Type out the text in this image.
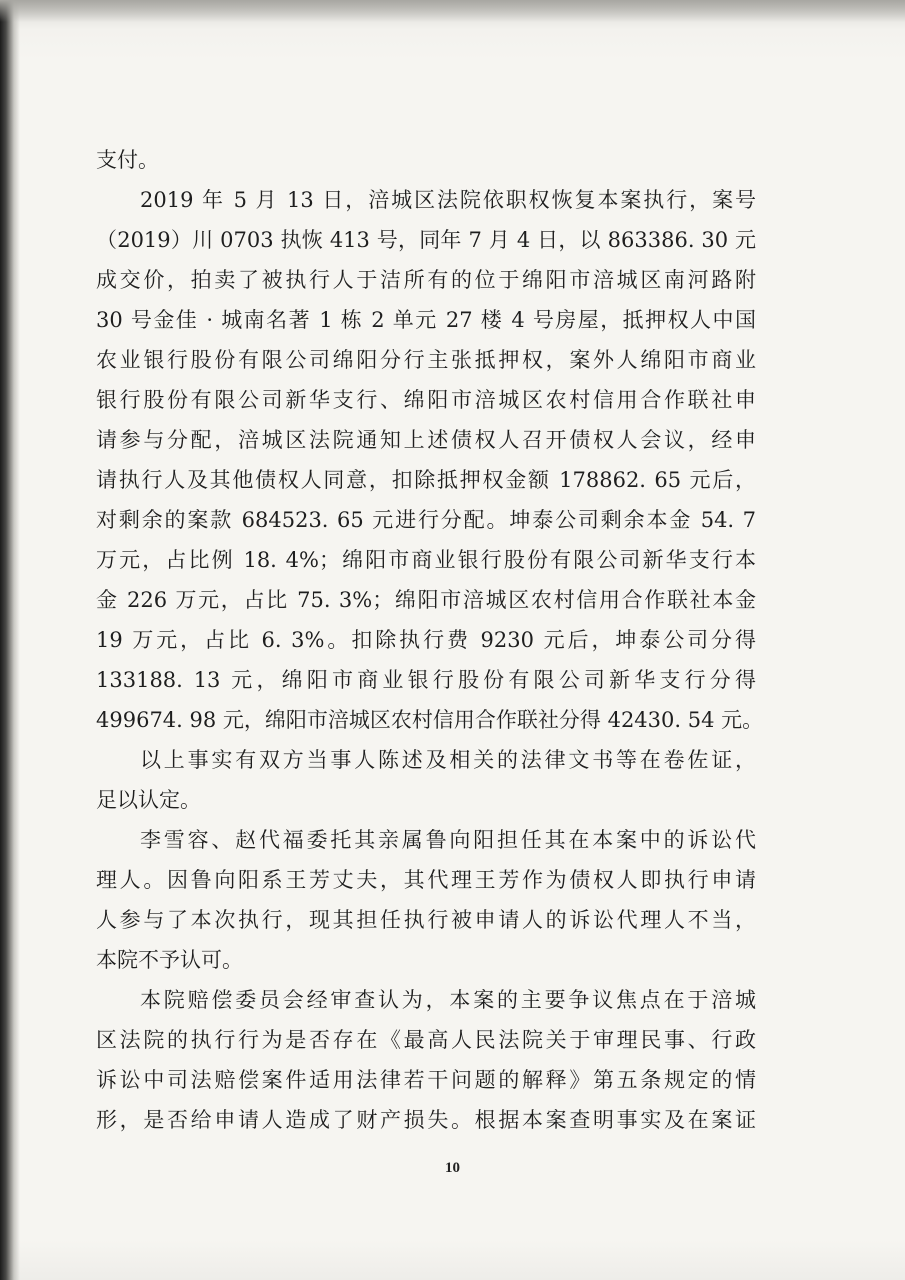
支付。
2019 年 5 月 13 日，涪城区法院依职权恢复本案执行，案号
（2019）川 0703 执恢 413 号，同年 7 月 4 日，以 863386. 30 元
成交价，拍卖了被执行人于洁所有的位于绵阳市涪城区南河路附
30 号金佳 · 城南名著 1 栋 2 单元 27 楼 4 号房屋，抵押权人中国
农业银行股份有限公司绵阳分行主张抵押权，案外人绵阳市商业
银行股份有限公司新华支行、绵阳市涪城区农村信用合作联社申
请参与分配，涪城区法院通知上述债权人召开债权人会议，经申
请执行人及其他债权人同意，扣除抵押权金额 178862. 65 元后，
对剩余的案款 684523. 65 元进行分配。坤泰公司剩余本金 54. 7
万元，占比例 18. 4%；绵阳市商业银行股份有限公司新华支行本
金 226 万元，占比 75. 3%；绵阳市涪城区农村信用合作联社本金
19 万元，占比 6. 3%。扣除执行费 9230 元后，坤泰公司分得
133188. 13 元，绵阳市商业银行股份有限公司新华支行分得
499674. 98 元，绵阳市涪城区农村信用合作联社分得 42430. 54 元。
以上事实有双方当事人陈述及相关的法律文书等在卷佐证，
足以认定。
李雪容、赵代福委托其亲属鲁向阳担任其在本案中的诉讼代
理人。因鲁向阳系王芳丈夫，其代理王芳作为债权人即执行申请
人参与了本次执行，现其担任执行被申请人的诉讼代理人不当，
本院不予认可。
本院赔偿委员会经审查认为，本案的主要争议焦点在于涪城
区法院的执行行为是否存在《最高人民法院关于审理民事、行政
诉讼中司法赔偿案件适用法律若干问题的解释》第五条规定的情
形，是否给申请人造成了财产损失。根据本案查明事实及在案证
10
